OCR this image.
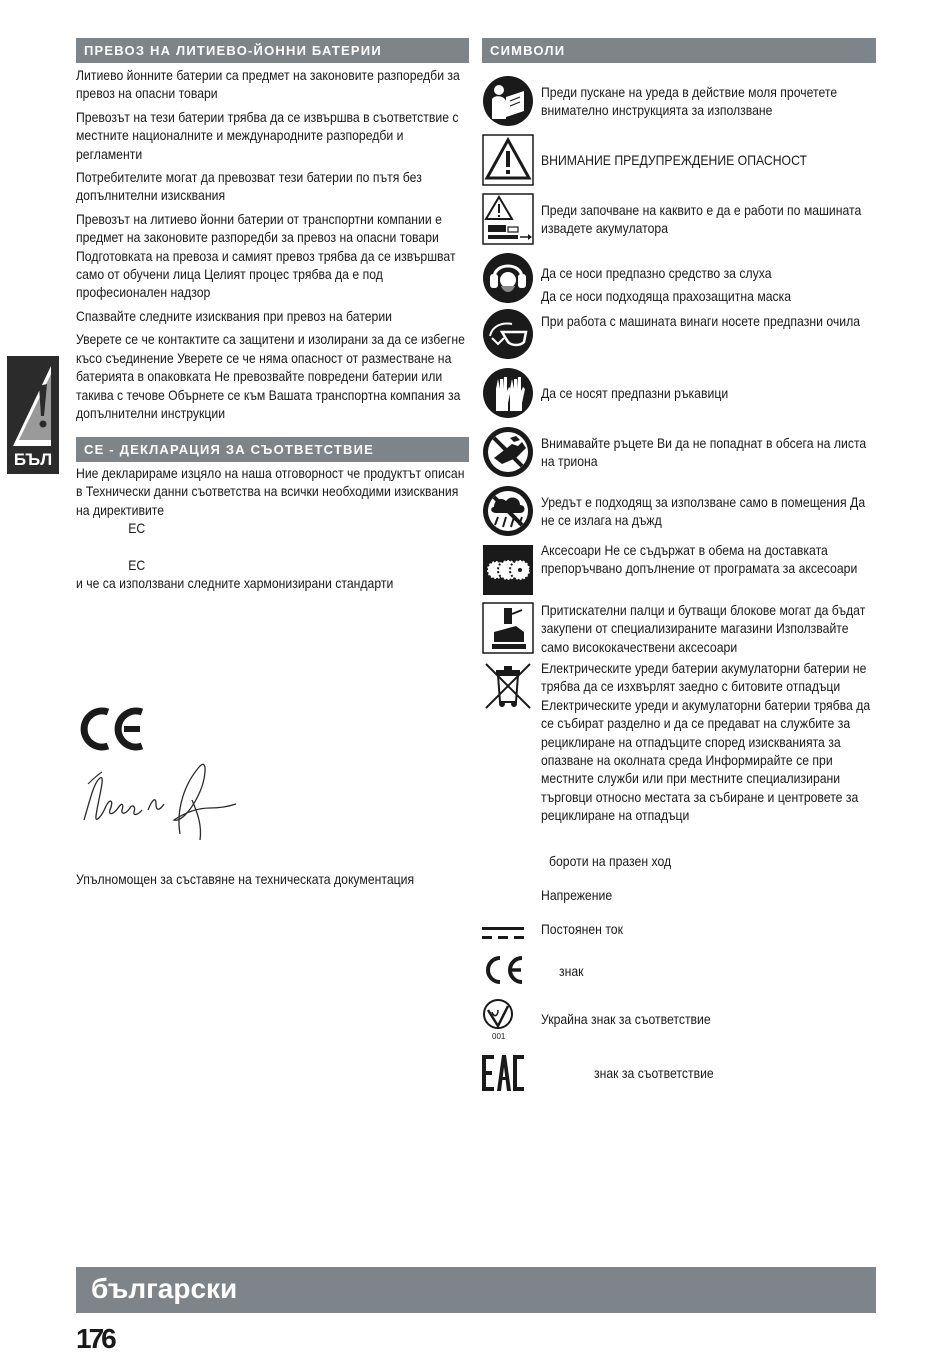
ПРЕВОЗ НА ЛИТИЕВО-ЙОННИ БАТЕРИИ

Литиево йонните батерии са предмет на законовите разпоредби за превоз на опасни товари

Превозът на тези батерии трябва да се извършва в съответствие с местните националните и международните разпоредби и регламенти

Потребителите могат да превозват тези батерии по пътя без допълнителни изисквания

Превозът на литиево йонни батерии от транспортни компании е предмет на законовите разпоредби за превоз на опасни товари Подготовката на превоза и самият превоз трябва да се извършват само от обучени лица Целият процес трябва да е под професионален надзор

Спазвайте следните изисквания при превоз на батерии

Уверете се че контактите са защитени и изолирани за да се избегне късо съединение Уверете се че няма опасност от разместване на батерията в опаковката Не превозвайте повредени батерии или такива с течове Обърнете се към Вашата транспортна компания за допълнителни инструкции

CE - ДЕКЛАРАЦИЯ ЗА СЪОТВЕТСТВИЕ

Ние декларираме изцяло на наша отговорност че продуктът описан в Технически данни съответства на всички необходими изисквания на директивите

ЕС
ЕС
и че са използвани следните хармонизирани стандарти
Упълномощен за съставяне на техническата документация
БЪЛ
СИМВОЛИ
Преди пускане на уреда в действие моля прочетете внимателно инструкцията за използване
ВНИМАНИЕ ПРЕДУПРЕЖДЕНИЕ ОПАСНОСТ
Преди започване на каквито е да е работи по машината извадете акумулатора
Да се носи предпазно средство за слуха
Да се носи подходяща прахозащитна маска
При работа с машината винаги носете предпазни очила
Да се носят предпазни ръкавици
Внимавайте ръцете Ви да не попаднат в обсега на листа на триона
Уредът е подходящ за използване само в помещения Да не се излага на дъжд
Аксесоари Не се съдържат в обема на доставката препоръчвано допълнение от програмата за аксесоари
Притискателни палци и бутващи блокове могат да бъдат закупени от специализираните магазини Използвайте само висококачествени аксесоари
Електрическите уреди батерии акумулаторни батерии не трябва да се изхвърлят заедно с битовите отпадъци Електрическите уреди и акумулаторни батерии трябва да се събират разделно и да се предават на службите за рециклиране на отпадъците според изискванията за опазване на околната среда Информирайте се при местните служби или при местните специализирани търговци относно местата за събиране и центровете за рециклиране на отпадъци
бороти на празен ход
Напрежение
Постоянен ток
знак
001
Украйна знак за съответствие
знак за съответствие
български
176
